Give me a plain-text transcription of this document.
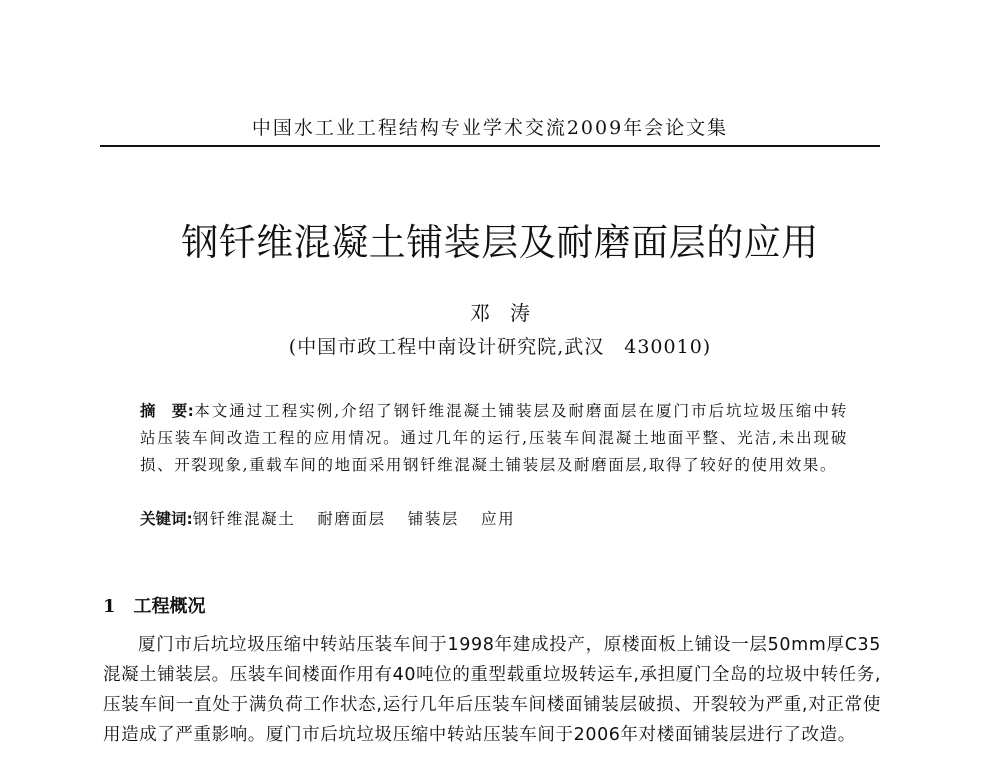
中国水工业工程结构专业学术交流2009年会论文集
钢钎维混凝土铺装层及耐磨面层的应用
邓　涛
(中国市政工程中南设计研究院,武汉　430010)
摘　要:本文通过工程实例,介绍了钢钎维混凝土铺装层及耐磨面层在厦门市后坑垃圾压缩中转站压装车间改造工程的应用情况。通过几年的运行,压装车间混凝土地面平整、光洁,未出现破损、开裂现象,重载车间的地面采用钢钎维混凝土铺装层及耐磨面层,取得了较好的使用效果。
关键词:钢钎维混凝土 耐磨面层 铺装层 应用
1 工程概况
厦门市后坑垃圾压缩中转站压装车间于1998年建成投产，原楼面板上铺设一层50mm厚C35混凝土铺装层。压装车间楼面作用有40吨位的重型载重垃圾转运车,承担厦门全岛的垃圾中转任务,压装车间一直处于满负荷工作状态,运行几年后压装车间楼面铺装层破损、开裂较为严重,对正常使用造成了严重影响。厦门市后坑垃圾压缩中转站压装车间于2006年对楼面铺装层进行了改造。
